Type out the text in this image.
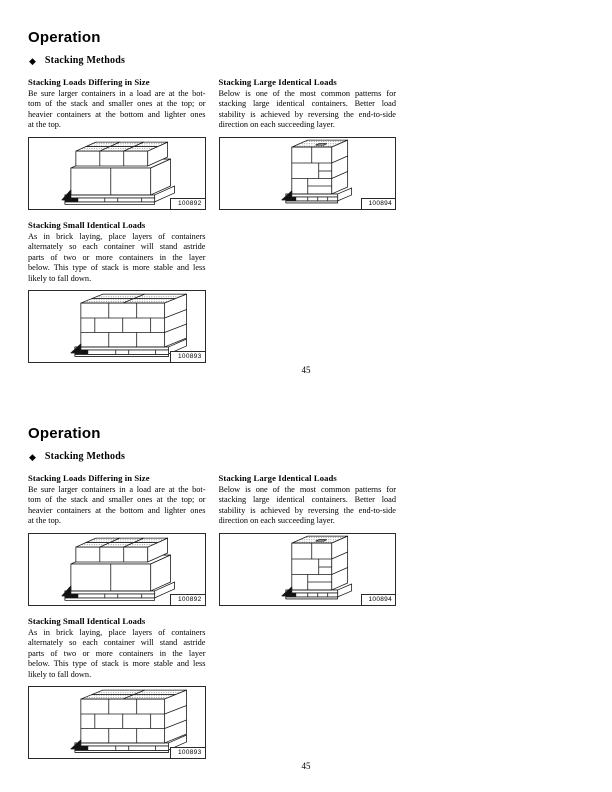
Operation
◆ Stacking Methods
Stacking Loads Differing in Size
Be sure larger containers in a load are at the bot-
tom of the stack and smaller ones at the top; or
heavier containers at the bottom and lighter ones
at the top.
100892
Stacking Small Identical Loads
As in brick laying, place layers of containers
alternately so each container will stand astride
parts of two or more containers in the layer
below. This type of stack is more stable and less
likely to fall down.
100893
Stacking Large Identical Loads
Below is one of the most common patterns for
stacking large identical containers. Better load
stability is achieved by reversing the end-to-side
direction on each succeeding layer.
100894
45
Operation
◆ Stacking Methods
Stacking Loads Differing in Size
Be sure larger containers in a load are at the bot-
tom of the stack and smaller ones at the top; or
heavier containers at the bottom and lighter ones
at the top.
100892
Stacking Small Identical Loads
As in brick laying, place layers of containers
alternately so each container will stand astride
parts of two or more containers in the layer
below. This type of stack is more stable and less
likely to fall down.
100893
Stacking Large Identical Loads
Below is one of the most common patterns for
stacking large identical containers. Better load
stability is achieved by reversing the end-to-side
direction on each succeeding layer.
100894
45
